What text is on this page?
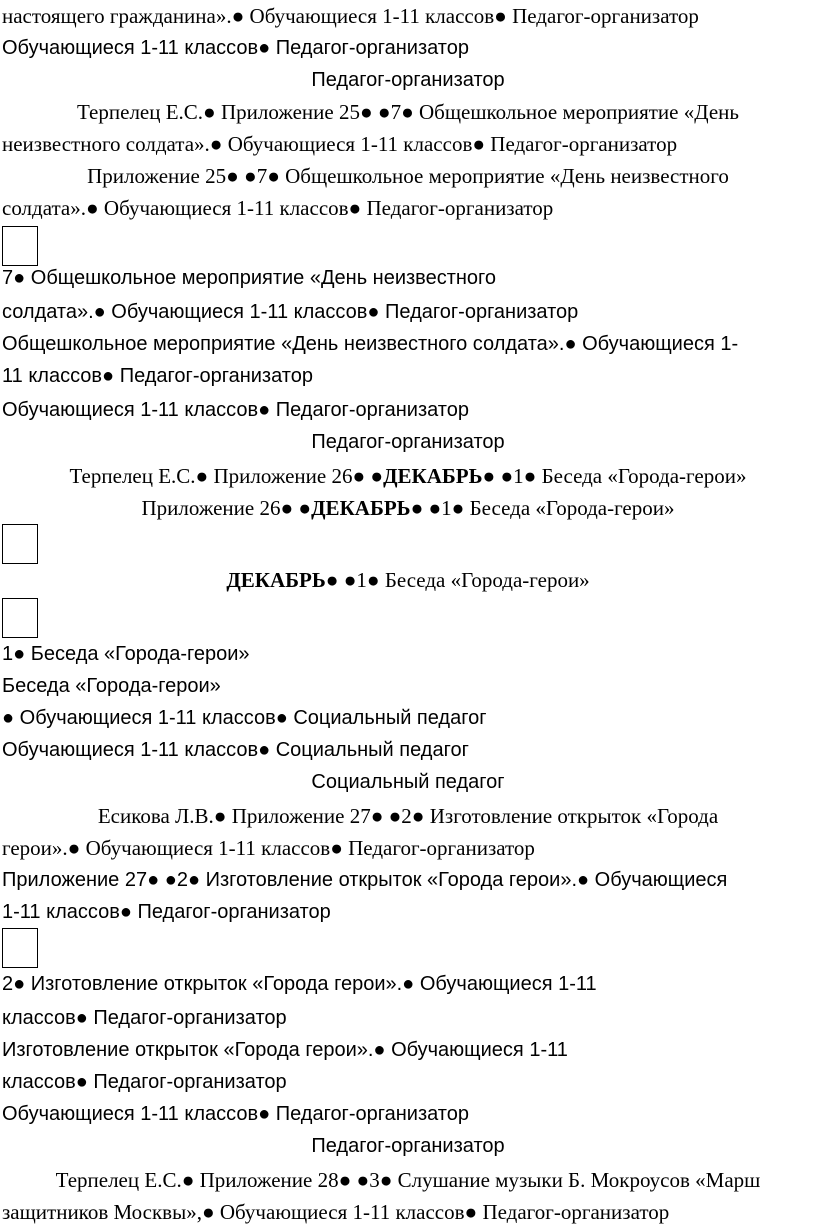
настоящего гражданина».● Обучающиеся 1-11 классов● Педагог-организатор
Обучающиеся 1-11 классов● Педагог-организатор
Педагог-организатор
Терпелец Е.С.● Приложение 25● ●7● Общешкольное мероприятие «День
неизвестного солдата».● Обучающиеся 1-11 классов● Педагог-организатор
Приложение 25● ●7● Общешкольное мероприятие «День неизвестного
солдата».● Обучающиеся 1-11 классов● Педагог-организатор
7● Общешкольное мероприятие «День неизвестного
солдата».● Обучающиеся 1-11 классов● Педагог-организатор
Общешкольное мероприятие «День неизвестного солдата».● Обучающиеся 1-
11 классов● Педагог-организатор
Обучающиеся 1-11 классов● Педагог-организатор
Педагог-организатор
Терпелец Е.С.● Приложение 26● ●ДЕКАБРЬ● ●1● Беседа «Города-герои»
Приложение 26● ●ДЕКАБРЬ● ●1● Беседа «Города-герои»
ДЕКАБРЬ● ●1● Беседа «Города-герои»
1● Беседа «Города-герои»
Беседа «Города-герои»
● Обучающиеся 1-11 классов● Социальный педагог
Обучающиеся 1-11 классов● Социальный педагог
Социальный педагог
Есикова Л.В.● Приложение 27● ●2● Изготовление открыток «Города
герои».● Обучающиеся 1-11 классов● Педагог-организатор
Приложение 27● ●2● Изготовление открыток «Города герои».● Обучающиеся
1-11 классов● Педагог-организатор
2● Изготовление открыток «Города герои».● Обучающиеся 1-11
классов● Педагог-организатор
Изготовление открыток «Города герои».● Обучающиеся 1-11
классов● Педагог-организатор
Обучающиеся 1-11 классов● Педагог-организатор
Педагог-организатор
Терпелец Е.С.● Приложение 28● ●3● Слушание музыки Б. Мокроусов «Марш
защитников Москвы»,● Обучающиеся 1-11 классов● Педагог-организатор
